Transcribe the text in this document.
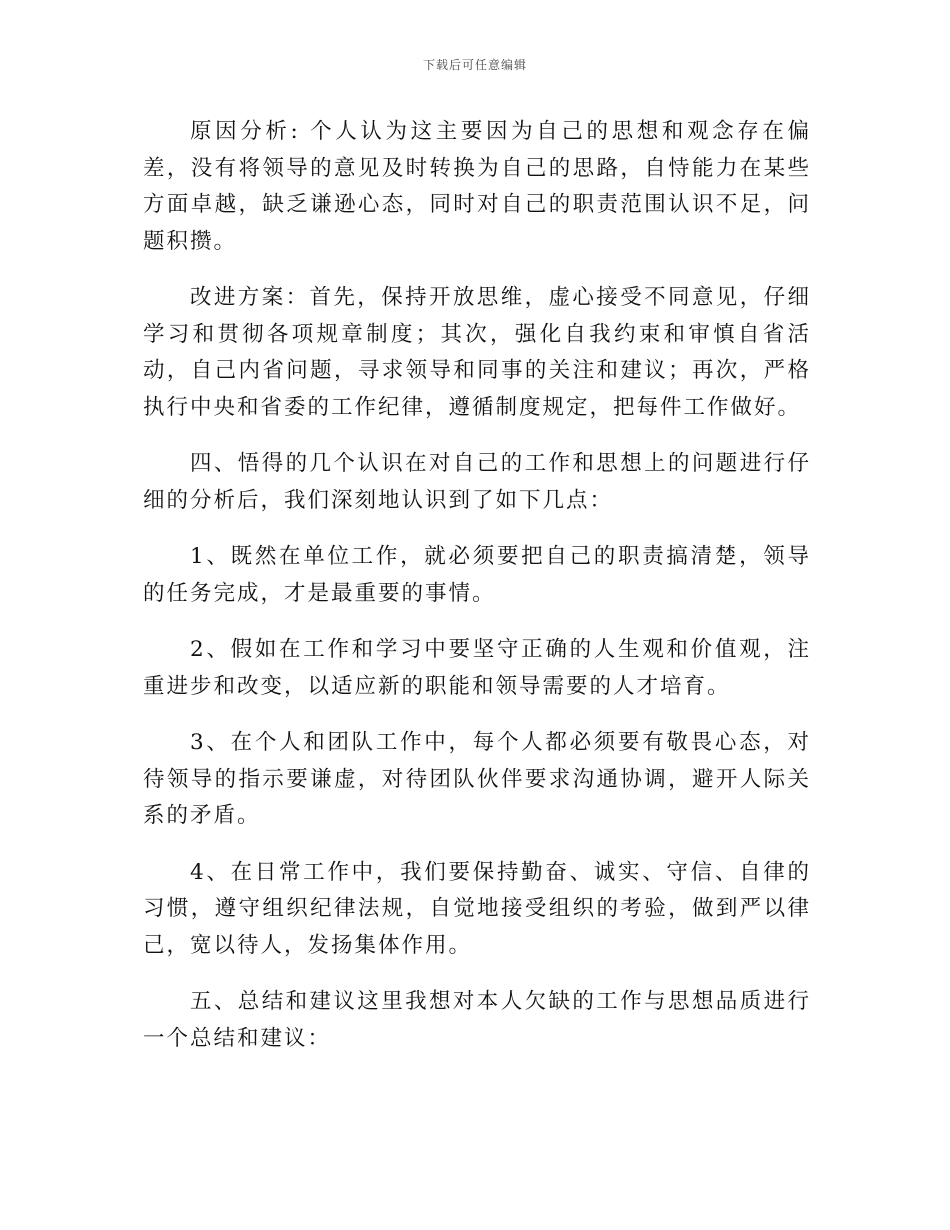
下载后可任意编辑

原因分析: 个人认为这主要因为自己的思想和观念存在偏差，没有将领导的意见及时转换为自己的思路，自恃能力在某些方面卓越，缺乏谦逊心态，同时对自己的职责范围认识不足，问题积攒。

改进方案：首先，保持开放思维，虚心接受不同意见，仔细学习和贯彻各项规章制度；其次，强化自我约束和审慎自省活动，自己内省问题，寻求领导和同事的关注和建议；再次，严格执行中央和省委的工作纪律，遵循制度规定，把每件工作做好。

四、悟得的几个认识在对自己的工作和思想上的问题进行仔细的分析后，我们深刻地认识到了如下几点：

1、既然在单位工作，就必须要把自己的职责搞清楚，领导的任务完成，才是最重要的事情。

2、假如在工作和学习中要坚守正确的人生观和价值观，注重进步和改变，以适应新的职能和领导需要的人才培育。

3、在个人和团队工作中，每个人都必须要有敬畏心态，对待领导的指示要谦虚，对待团队伙伴要求沟通协调，避开人际关系的矛盾。

4、在日常工作中，我们要保持勤奋、诚实、守信、自律的习惯，遵守组织纪律法规，自觉地接受组织的考验，做到严以律己，宽以待人，发扬集体作用。

五、总结和建议这里我想对本人欠缺的工作与思想品质进行一个总结和建议：
